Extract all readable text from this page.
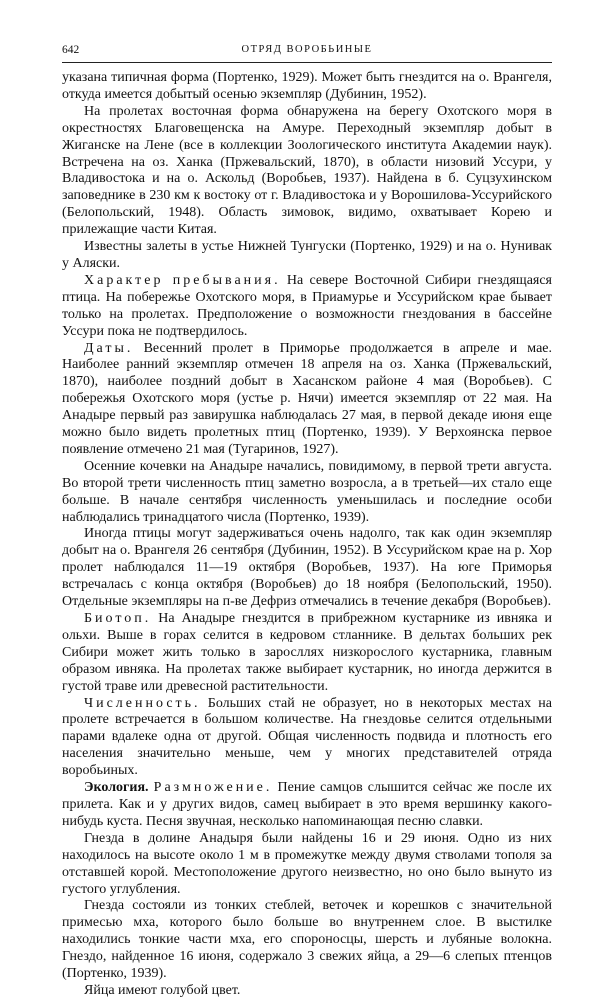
642	ОТРЯД ВОРОБЬИНЫЕ

указана типичная форма (Портенко, 1929). Может быть гнездится на о. Врангеля, откуда имеется добытый осенью экземпляр (Дубинин, 1952).

На пролетах восточная форма обнаружена на берегу Охотского моря в окрестностях Благовещенска на Амуре. Переходный экземпляр добыт в Жиганске на Лене (все в коллекции Зоологического института Академии наук). Встречена на оз. Ханка (Пржевальский, 1870), в области низовий Уссури, у Владивостока и на о. Аскольд (Воробьев, 1937). Найдена в б. Суцзухинском заповеднике в 230 км к востоку от г. Владивостока и у Ворошилова-Уссурийского (Белопольский, 1948). Область зимовок, видимо, охватывает Корею и прилежащие части Китая.

Известны залеты в устье Нижней Тунгуски (Портенко, 1929) и на о. Нунивак у Аляски.

Характер пребывания. На севере Восточной Сибири гнездящаяся птица. На побережье Охотского моря, в Приамурье и Уссурийском крае бывает только на пролетах. Предположение о возможности гнездования в бассейне Уссури пока не подтвердилось.

Даты. Весенний пролет в Приморье продолжается в апреле и мае. Наиболее ранний экземпляр отмечен 18 апреля на оз. Ханка (Пржевальский, 1870), наиболее поздний добыт в Хасанском районе 4 мая (Воробьев). С побережья Охотского моря (устье р. Нячи) имеется экземпляр от 22 мая. На Анадыре первый раз завирушка наблюдалась 27 мая, в первой декаде июня еще можно было видеть пролетных птиц (Портенко, 1939). У Верхоянска первое появление отмечено 21 мая (Тугаринов, 1927).

Осенние кочевки на Анадыре начались, повидимому, в первой трети августа. Во второй трети численность птиц заметно возросла, а в третьей—их стало еще больше. В начале сентября численность уменьшилась и последние особи наблюдались тринадцатого числа (Портенко, 1939).

Иногда птицы могут задерживаться очень надолго, так как один экземпляр добыт на о. Врангеля 26 сентября (Дубинин, 1952). В Уссурийском крае на р. Хор пролет наблюдался 11—19 октября (Воробьев, 1937). На юге Приморья встречалась с конца октября (Воробьев) до 18 ноября (Белопольский, 1950). Отдельные экземпляры на п-ве Дефриз отмечались в течение декабря (Воробьев).

Биотоп. На Анадыре гнездится в прибрежном кустарнике из ивняка и ольхи. Выше в горах селится в кедровом стланнике. В дельтах больших рек Сибири может жить только в заросллях низкорослого кустарника, главным образом ивняка. На пролетах также выбирает кустарник, но иногда держится в густой траве или древесной растительности.

Численность. Больших стай не образует, но в некоторых местах на пролете встречается в большом количестве. На гнездовье селится отдельными парами вдалеке одна от другой. Общая численность подвида и плотность его населения значительно меньше, чем у многих представителей отряда воробьиных.

Экология. Размножение. Пение самцов слышится сейчас же после их прилета. Как и у других видов, самец выбирает в это время вершинку какого-нибудь куста. Песня звучная, несколько напоминающая песню славки.

Гнезда в долине Анадыря были найдены 16 и 29 июня. Одно из них находилось на высоте около 1 м в промежутке между двумя стволами тополя за отставшей корой. Местоположение другого неизвестно, но оно было вынуто из густого углубления.

Гнезда состояли из тонких стеблей, веточек и корешков с значительной примесью мха, которого было больше во внутреннем слое. В выстилке находились тонкие части мха, его спороносцы, шерсть и лубяные волокна. Гнездо, найденное 16 июня, содержало 3 свежих яйца, а 29—6 слепых птенцов (Портенко, 1939).

Яйца имеют голубой цвет.
